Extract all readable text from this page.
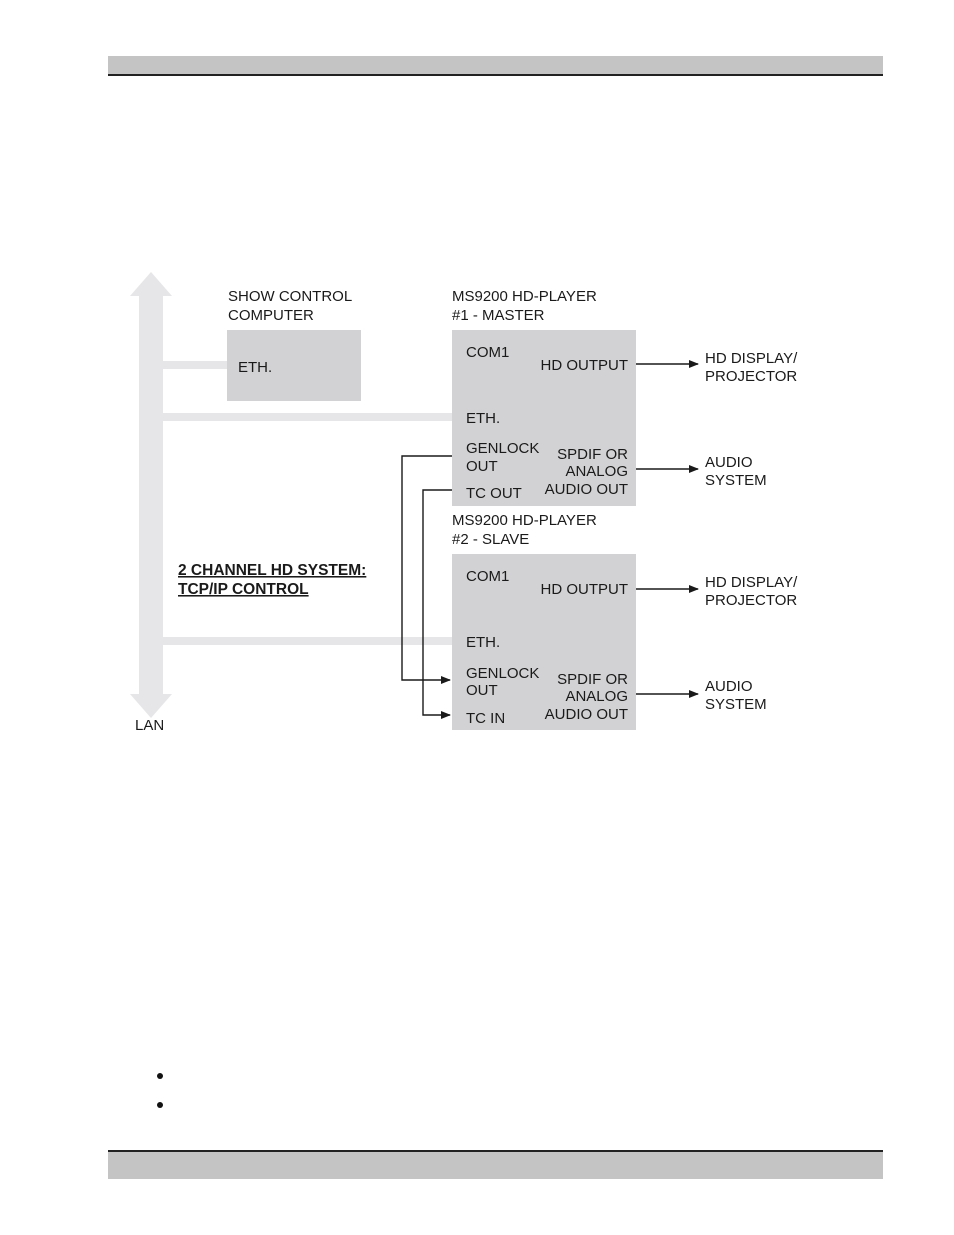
LAN
SHOW CONTROL
COMPUTER
ETH.
MS9200 HD-PLAYER
#1 - MASTER
COM1
HD OUTPUT
ETH.
GENLOCK
OUT
SPDIF OR
ANALOG
AUDIO OUT
TC OUT
MS9200 HD-PLAYER
#2 - SLAVE
COM1
HD OUTPUT
ETH.
GENLOCK
OUT
SPDIF OR
ANALOG
AUDIO OUT
TC IN
HD DISPLAY/
PROJECTOR
AUDIO
SYSTEM
HD DISPLAY/
PROJECTOR
AUDIO
SYSTEM
2 CHANNEL HD SYSTEM:
TCP/IP CONTROL
